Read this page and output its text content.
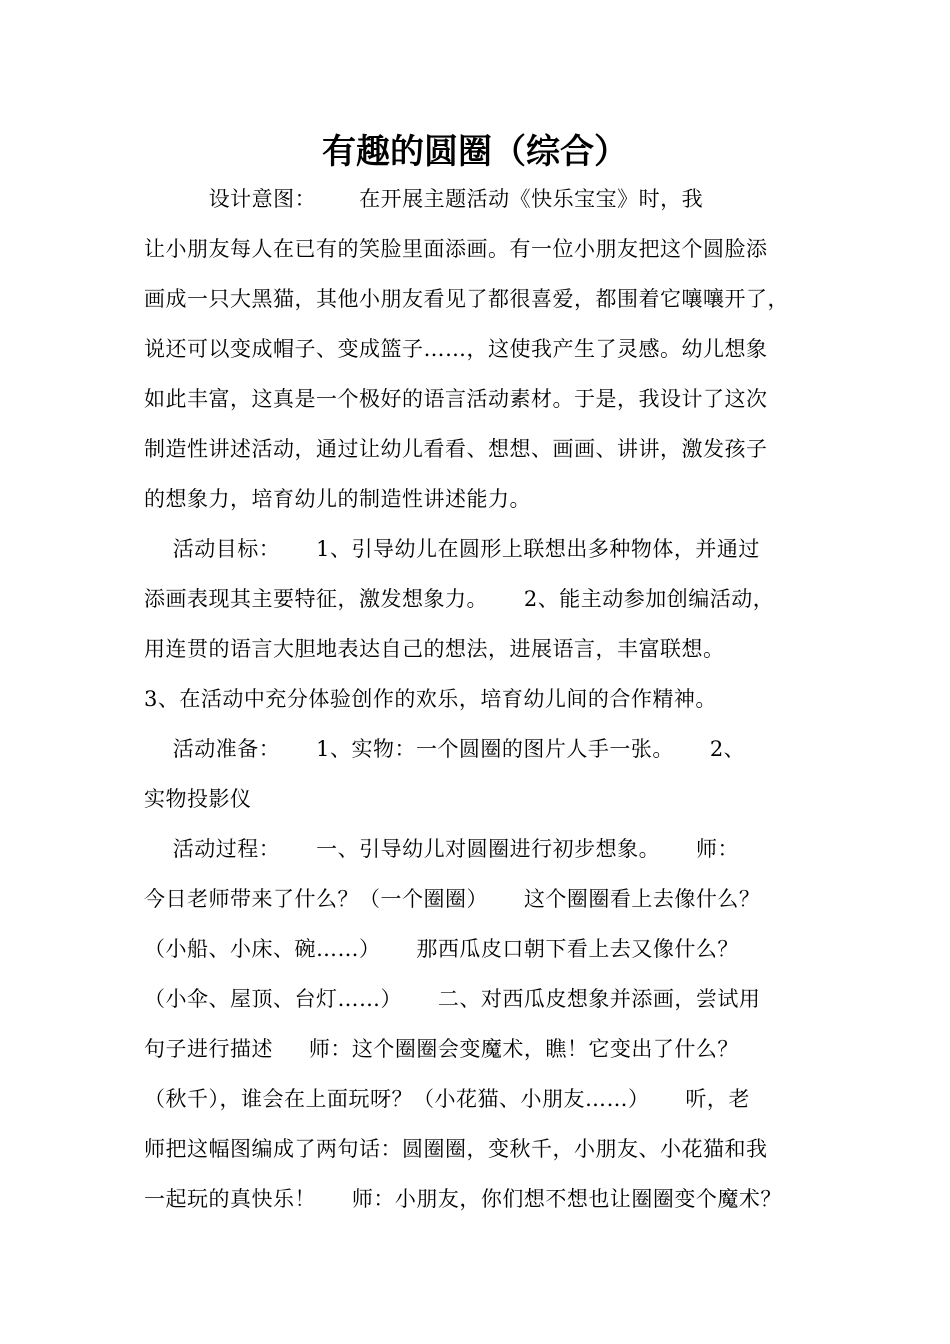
有趣的圆圈（综合）
设计意图：      在开展主题活动《快乐宝宝》时，我
让小朋友每人在已有的笑脸里面添画。有一位小朋友把这个圆脸添
画成一只大黑猫，其他小朋友看见了都很喜爱，都围着它嚷嚷开了，
说还可以变成帽子、变成篮子……，这使我产生了灵感。幼儿想象
如此丰富，这真是一个极好的语言活动素材。于是，我设计了这次
制造性讲述活动，通过让幼儿看看、想想、画画、讲讲，激发孩子
的想象力，培育幼儿的制造性讲述能力。
活动目标：     1、引导幼儿在圆形上联想出多种物体，并通过
添画表现其主要特征，激发想象力。     2、能主动参加创编活动，
用连贯的语言大胆地表达自己的想法，进展语言，丰富联想。
3、在活动中充分体验创作的欢乐，培育幼儿间的合作精神。
活动准备：     1、实物：一个圆圈的图片人手一张。     2、
实物投影仪
活动过程：     一、引导幼儿对圆圈进行初步想象。     师：
今日老师带来了什么？（一个圈圈）     这个圈圈看上去像什么？
（小船、小床、碗……）     那西瓜皮口朝下看上去又像什么？
（小伞、屋顶、台灯……）     二、对西瓜皮想象并添画，尝试用
句子进行描述     师：这个圈圈会变魔术，瞧！它变出了什么？
（秋千），谁会在上面玩呀？（小花猫、小朋友……）     听，老
师把这幅图编成了两句话：圆圈圈，变秋千，小朋友、小花猫和我
一起玩的真快乐！     师：小朋友，你们想不想也让圈圈变个魔术？
